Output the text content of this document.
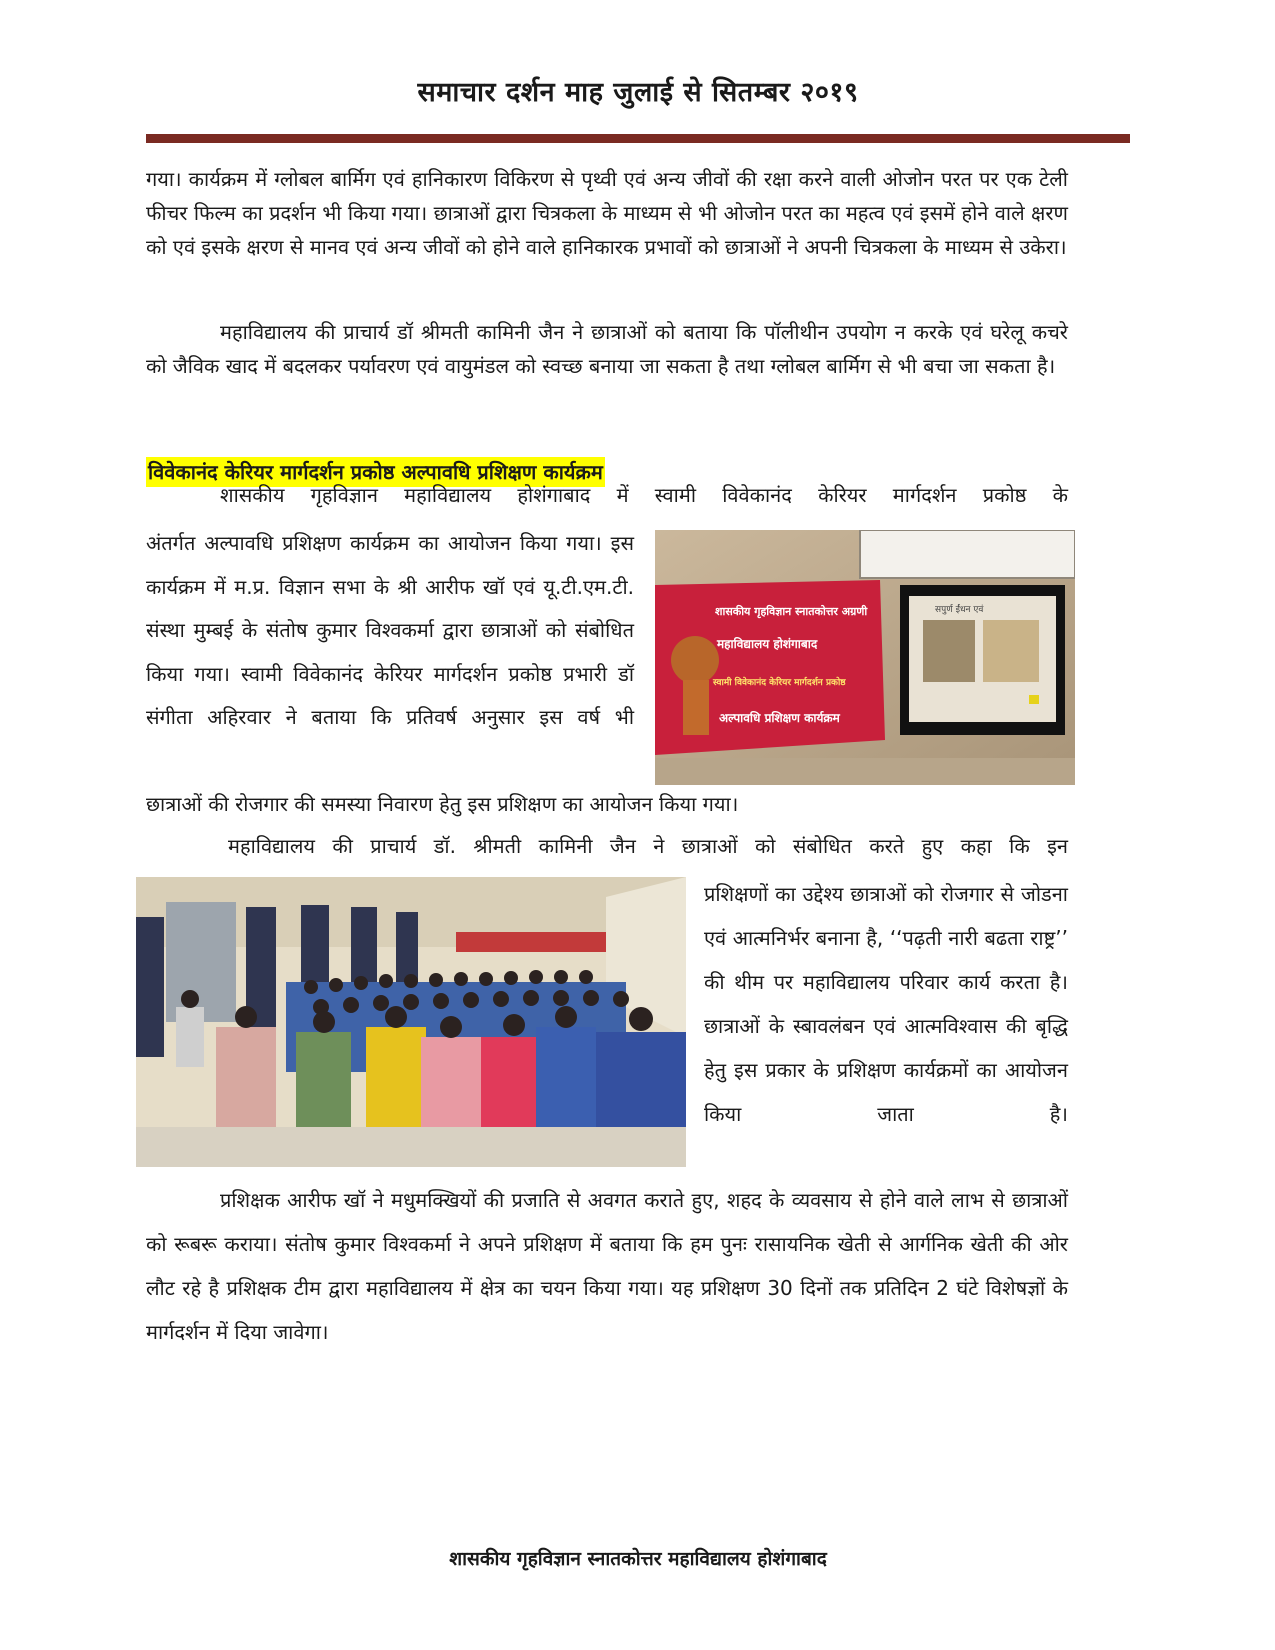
समाचार दर्शन माह जुलाई से सितम्बर २०१९
गया। कार्यक्रम में ग्लोबल बार्मिग एवं हानिकारण विकिरण से पृथ्वी एवं अन्य जीवों की रक्षा करने वाली ओजोन परत पर एक टेली फीचर फिल्म का प्रदर्शन भी किया गया। छात्राओं द्वारा चित्रकला के माध्यम से भी ओजोन परत का महत्व एवं इसमें होने वाले क्षरण को एवं इसके क्षरण से मानव एवं अन्य जीवों को होने वाले हानिकारक प्रभावों को छात्राओं ने अपनी चित्रकला के माध्यम से उकेरा।
महाविद्यालय की प्राचार्य डॉ श्रीमती कामिनी जैन ने छात्राओं को बताया कि पॉलीथीन उपयोग न करके एवं घरेलू कचरे को जैविक खाद में बदलकर पर्यावरण एवं वायुमंडल को स्वच्छ बनाया जा सकता है तथा ग्लोबल बार्मिग से भी बचा जा सकता है।
विवेकानंद केरियर मार्गदर्शन प्रकोष्ठ अल्पावधि प्रशिक्षण कार्यक्रम
शासकीय गृहविज्ञान महाविद्यालय होशंगाबाद में स्वामी विवेकानंद केरियर मार्गदर्शन प्रकोष्ठ के
अंतर्गत अल्पावधि प्रशिक्षण कार्यक्रम का आयोजन किया गया। इस कार्यक्रम में म.प्र. विज्ञान सभा के श्री आरीफ खॉ एवं यू.टी.एम.टी. संस्था मुम्बई के संतोष कुमार विश्वकर्मा द्वारा छात्राओं को संबोधित किया गया। स्वामी विवेकानंद केरियर मार्गदर्शन प्रकोष्ठ प्रभारी डॉ संगीता अहिरवार ने बताया कि प्रतिवर्ष अनुसार इस वर्ष भी
सपुर्ण ईंधन एवं
शासकीय गृहविज्ञान स्नातकोत्तर अग्रणी
महाविद्यालय होशंगाबाद
स्वामी विवेकानंद केरियर मार्गदर्शन प्रकोष्ठ
अल्पावधि प्रशिक्षण कार्यक्रम
छात्राओं की रोजगार की समस्या निवारण हेतु इस प्रशिक्षण का आयोजन किया गया।
महाविद्यालय की प्राचार्य डॉ. श्रीमती कामिनी जैन ने छात्राओं को संबोधित करते हुए कहा कि इन
प्रशिक्षणों का उद्देश्य छात्राओं को रोजगार से जोडना एवं आत्मनिर्भर बनाना है, ‘‘पढ़ती नारी बढता राष्ट्र’’ की थीम पर महाविद्यालय परिवार कार्य करता है। छात्राओं के स्बावलंबन एवं आत्मविश्वास की बृद्धि हेतु इस प्रकार के प्रशिक्षण कार्यक्रमों का आयोजन किया जाता है।
प्रशिक्षक आरीफ खॉ ने मधुमक्खियों की प्रजाति से अवगत कराते हुए, शहद के व्यवसाय से होने वाले लाभ से छात्राओं को रूबरू कराया। संतोष कुमार विश्वकर्मा ने अपने प्रशिक्षण में बताया कि हम पुनः रासायनिक खेती से आर्गनिक खेती की ओर लौट रहे है प्रशिक्षक टीम द्वारा महाविद्यालय में क्षेत्र का चयन किया गया। यह प्रशिक्षण 30 दिनों तक प्रतिदिन 2 घंटे विशेषज्ञों के मार्गदर्शन में दिया जावेगा।
शासकीय गृहविज्ञान स्नातकोत्तर महाविद्यालय होशंगाबाद
